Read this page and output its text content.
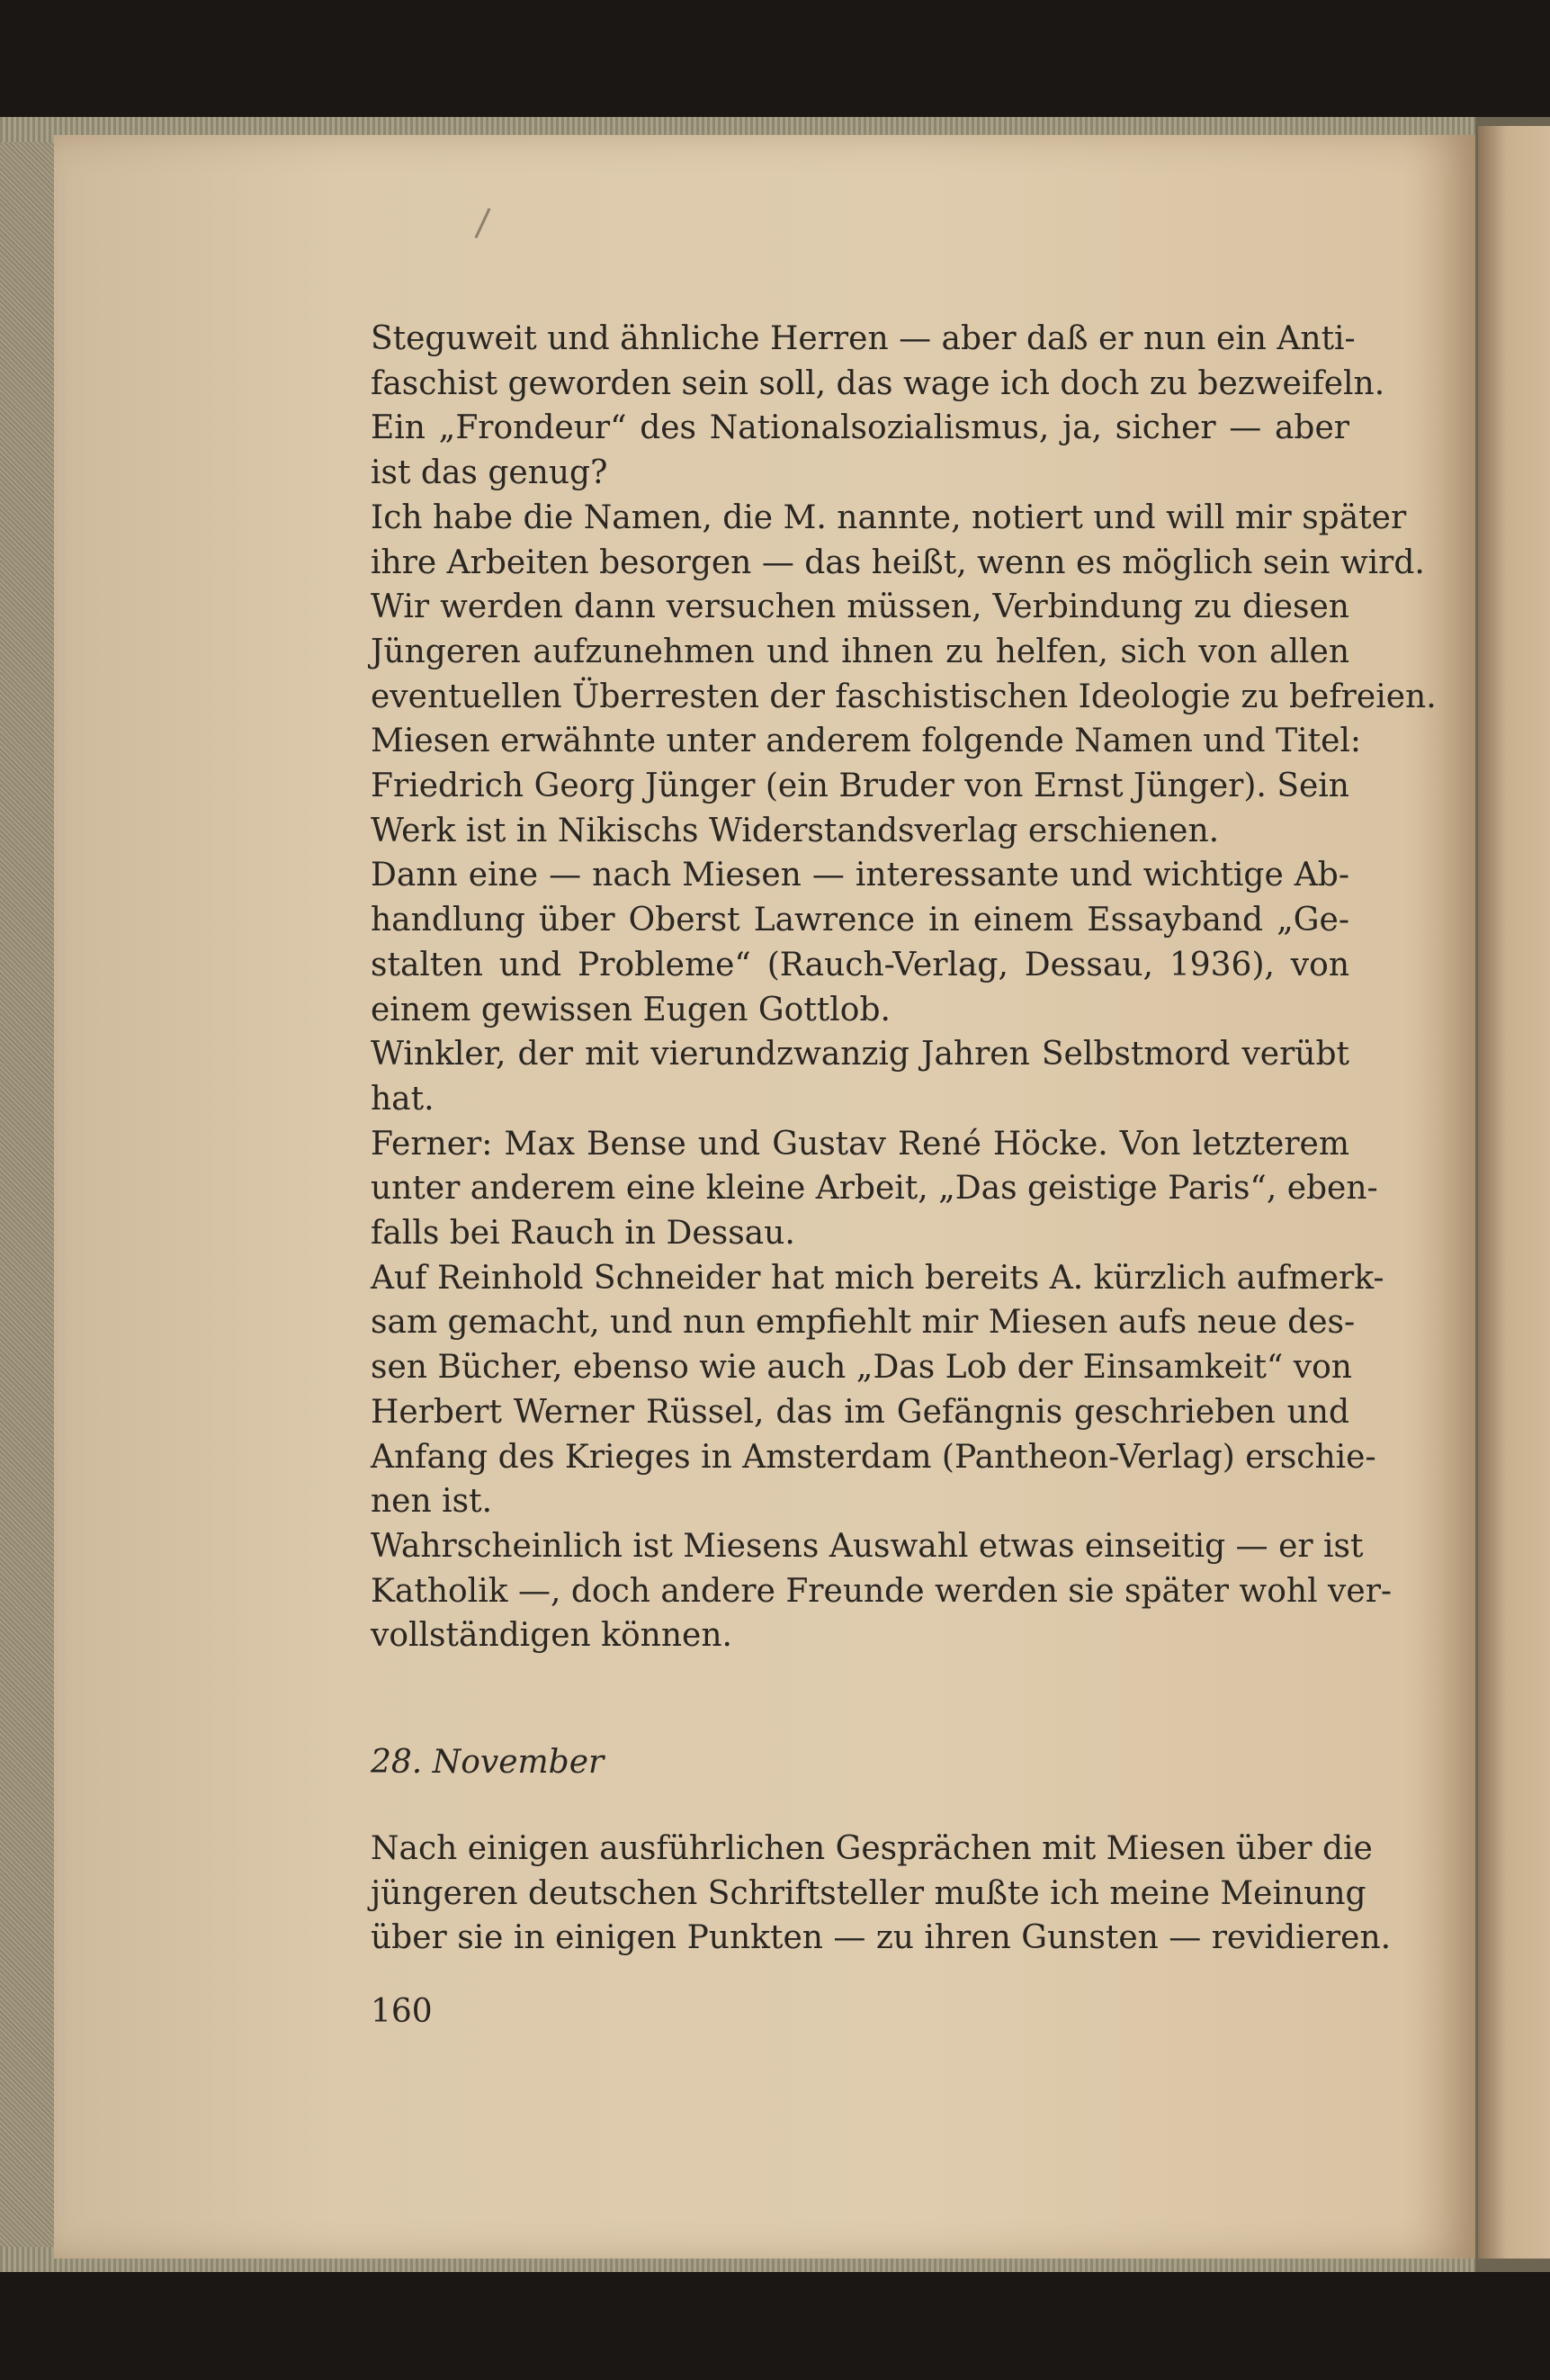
Steguweit und ähnliche Herren — aber daß er nun ein Anti-
faschist geworden sein soll, das wage ich doch zu bezweifeln.
Ein „Frondeur“ des Nationalsozialismus, ja, sicher — aber
ist das genug?
Ich habe die Namen, die M. nannte, notiert und will mir später
ihre Arbeiten besorgen — das heißt, wenn es möglich sein wird.
Wir werden dann versuchen müssen, Verbindung zu diesen
Jüngeren aufzunehmen und ihnen zu helfen, sich von allen
eventuellen Überresten der faschistischen Ideologie zu befreien.
Miesen erwähnte unter anderem folgende Namen und Titel:
Friedrich Georg Jünger (ein Bruder von Ernst Jünger). Sein
Werk ist in Nikischs Widerstandsverlag erschienen.
Dann eine — nach Miesen — interessante und wichtige Ab-
handlung über Oberst Lawrence in einem Essayband „Ge-
stalten und Probleme“ (Rauch-Verlag, Dessau, 1936), von
einem gewissen Eugen Gottlob.
Winkler, der mit vierundzwanzig Jahren Selbstmord verübt
hat.
Ferner: Max Bense und Gustav René Höcke. Von letzterem
unter anderem eine kleine Arbeit, „Das geistige Paris“, eben-
falls bei Rauch in Dessau.
Auf Reinhold Schneider hat mich bereits A. kürzlich aufmerk-
sam gemacht, und nun empfiehlt mir Miesen aufs neue des-
sen Bücher, ebenso wie auch „Das Lob der Einsamkeit“ von
Herbert Werner Rüssel, das im Gefängnis geschrieben und
Anfang des Krieges in Amsterdam (Pantheon-Verlag) erschie-
nen ist.
Wahrscheinlich ist Miesens Auswahl etwas einseitig — er ist
Katholik —, doch andere Freunde werden sie später wohl ver-
vollständigen können.
28. November
Nach einigen ausführlichen Gesprächen mit Miesen über die
jüngeren deutschen Schriftsteller mußte ich meine Meinung
über sie in einigen Punkten — zu ihren Gunsten — revidieren.
160
